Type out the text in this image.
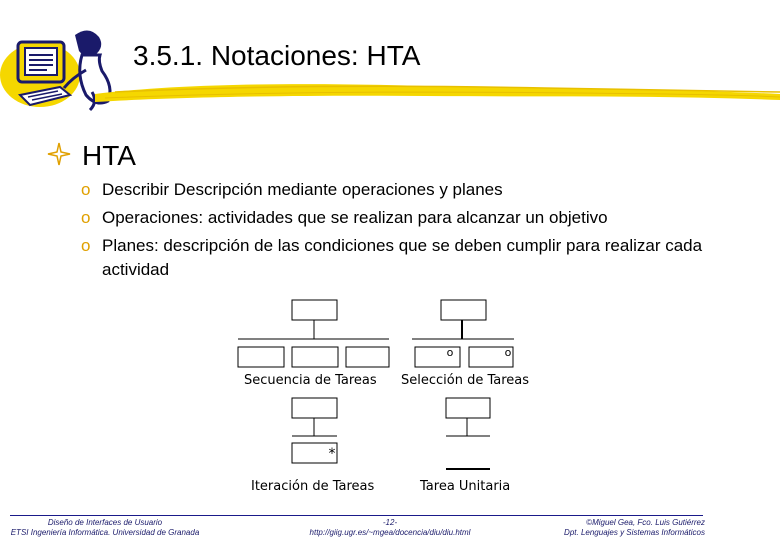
3.5.1. Notaciones: HTA
HTA
o Describir Descripción mediante operaciones y planes
o Operaciones: actividades que se realizan para alcanzar un objetivo
o Planes: descripción de las condiciones que se deben cumplir para realizar cada actividad
o	o
*
Secuencia de Tareas Selección de Tareas
Iteración de Tareas	Tarea Unitaria
Diseño de Interfaces de Usuario
ETSI Ingeniería Informática. Universidad de Granada
-12-
http://giig.ugr.es/~mgea/docencia/diu/diu.html
©Miguel Gea, Fco. Luis Gutiérrez
Dpt. Lenguajes y Sistemas Informáticos
